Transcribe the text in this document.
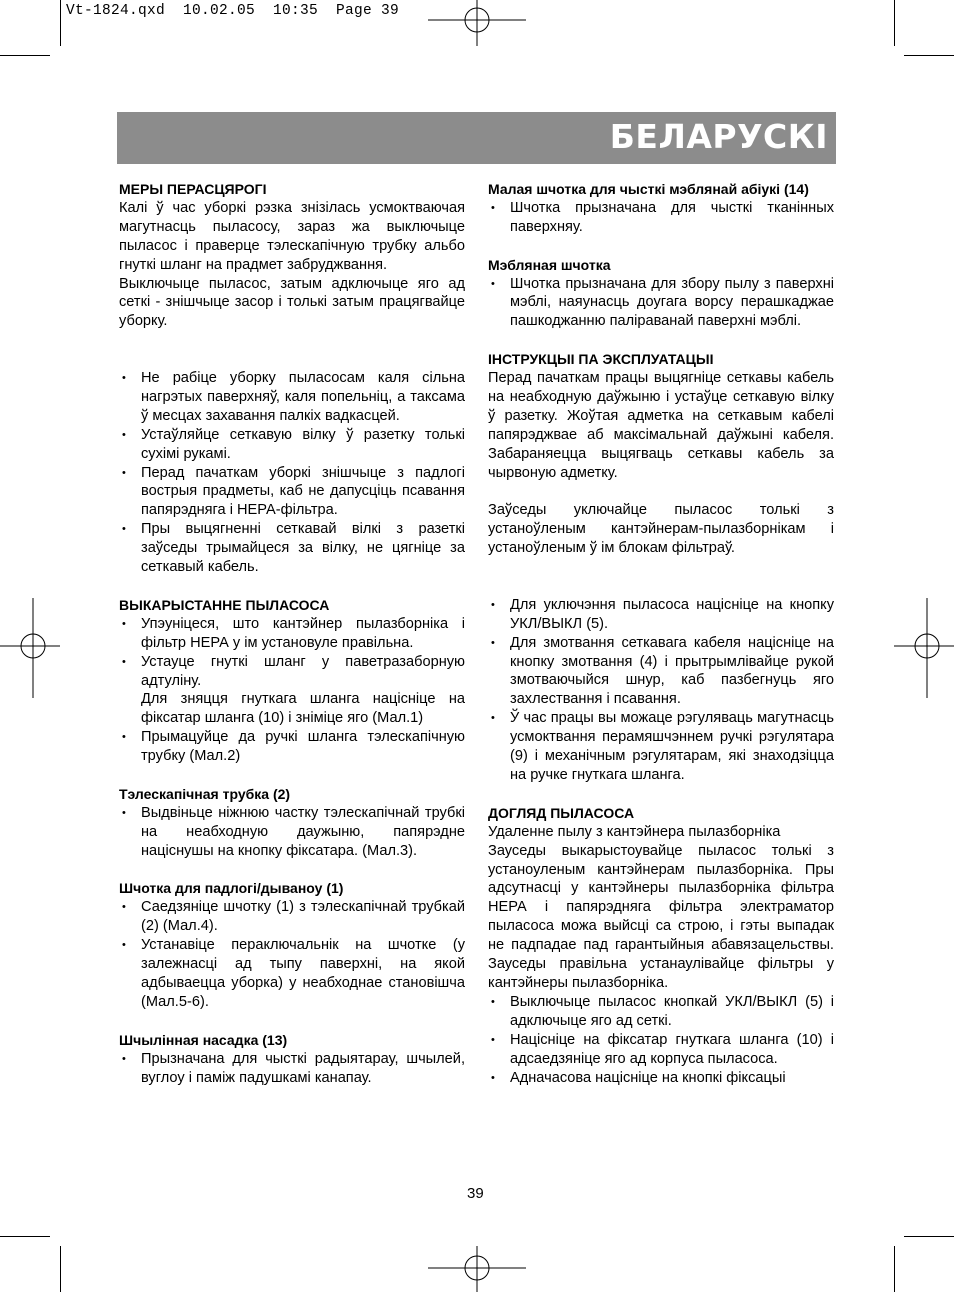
Vt-1824.qxd  10.02.05  10:35  Page 39
БЕЛАРУСКІ

МЕРЫ ПЕРАСЦЯРОГІ

Калі ў час уборкі рэзка знізілась усмоктваючая магутнасць пыласосу, зараз жа выключыце пыласос і праверце тэлескапічную трубку альбо гнуткі шланг на прадмет забруджвання.

Выключыце пыласос, затым адключыце яго ад сеткі - знішчыце засор і толькі затым працягвайце уборку.

• Не рабіце уборку пыласосам каля сільна нагрэтых паверхняў, каля попельніц, а таксама ў месцах захавання палкіх вадкасцей.
• Устаўляйце сеткавую вілку ў разетку толькі сухімі рукамі.
• Перад пачаткам уборкі знішчыце з падлогі вострыя прадметы, каб не дапусціць псавання папярэдняга і НЕРА-фільтра.
• Пры выцягненні сеткавай вілкі з разеткі заўседы трымайцеся за вілку, не цягніце за сеткавый кабель.

ВЫКАРЫСТАННЕ ПЫЛАСОСА

• Упэуніцеся, што кантэйнер пылазборніка і фільтр НЕРА у ім установуле правільна.
• Устауце гнуткі шланг у паветразаборную адтуліну.
Для зняцця гнуткага шланга націсніце на фіксатар шланга (10) і зніміце яго (Мал.1)
• Прымацуйце да ручкі шланга тэлескапічную трубку (Мал.2)

Тэлескапічная трубка (2)

• Выдвіньце ніжнюю частку тэлескапічнай трубкі на неабходную даужыню, папярэдне націснушы на кнопку фіксатара. (Мал.3).

Шчотка для падлогі/дываноу (1)

• Саедзяніце шчотку (1) з тэлескапічнай трубкай (2) (Мал.4).
• Устанавіце пераключальнік на шчотке (у залежнасці ад тыпу паверхні, на якой адбываецца уборка) у неабходнае становішча (Мал.5-6).

Шчылінная насадка (13)

• Прызначана для чысткі радыятарау, шчылей, вуглоу і паміж падушкамі канапау.

Малая шчотка для чысткі мэблянай абіукі (14)

• Шчотка прызначана для чысткі тканінных паверхняу.

Мэбляная шчотка

• Шчотка прызначана для збору пылу з паверхні мэблі, наяунасць доугага ворсу перашкаджае пашкоджанню паліраванай паверхні мэблі.

ІНСТРУКЦЫІ ПА ЭКСПЛУАТАЦЫІ

Перад пачаткам працы выцягніце сеткавы кабель на неабходную даўжыню і устаўце сеткавую вілку ў разетку. Жоўтая адметка на сеткавым кабелі папярэджвае аб максімальнай даўжыні кабеля. Забараняецца выцягваць сеткавы кабель за чырвоную адметку.

Заўседы уключайце пыласос толькі з устаноўленым кантэйнерам-пылазборнікам і устаноўленым ў ім блокам фільтраў.

• Для уключэння пыласоса націсніце на кнопку УКЛ/ВЫКЛ (5).
• Для змотвання сеткавага кабеля націсніце на кнопку змотвання (4) і прытрымлівайце рукой змотваючыйся шнур, каб пазбегнуць яго захлествання і псавання.
• Ў час працы вы можаце рэгуляваць магутнасць усмоктвання перамяшчэннем ручкі рэгулятара (9) і механічным рэгулятарам, які знаходзіцца на ручке гнуткага шланга.

ДОГЛЯД ПЫЛАСОСА

Удаленне пылу з кантэйнера пылазборніка

Зауседы выкарыстоувайце пыласос толькі з устаноуленым кантэйнерам пылазборніка. Пры адсутнасці у кантэйнеры пылазборніка фільтра НЕРА і папярэдняга фільтра электраматор пыласоса можа выйсці са строю, і гэты выпадак не падпадае пад гарантыйныя абавязацельствы. Зауседы правільна устанаулівайце фільтры у кантэйнеры пылазборніка.

• Выключыце пыласос кнопкай УКЛ/ВЫКЛ (5) і адключыце яго ад сеткі.
• Націсніце на фіксатар гнуткага шланга (10) і адсаедзяніце яго ад корпуса пыласоса.
• Адначасова націсніце на кнопкі фіксацыі
39
